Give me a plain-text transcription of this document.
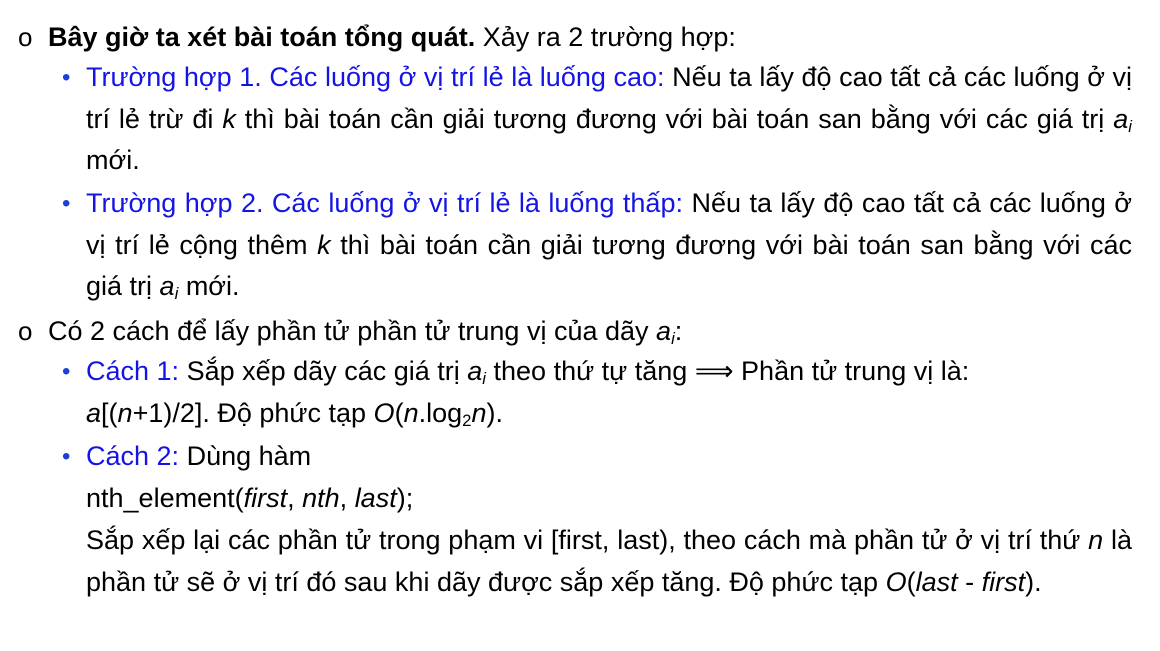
o Bây giờ ta xét bài toán tổng quát. Xảy ra 2 trường hợp:
• Trường hợp 1. Các luống ở vị trí lẻ là luống cao: Nếu ta lấy độ cao tất cả các luống ở vị trí lẻ trừ đi k thì bài toán cần giải tương đương với bài toán san bằng với các giá trị $a_i$ mới.
• Trường hợp 2. Các luống ở vị trí lẻ là luống thấp: Nếu ta lấy độ cao tất cả các luống ở vị trí lẻ cộng thêm k thì bài toán cần giải tương đương với bài toán san bằng với các giá trị $a_i$ mới.
o Có 2 cách để lấy phần tử phần tử trung vị của dãy $a_i$:
• Cách 1: Sắp xếp dãy các giá trị $a_i$ theo thứ tự tăng ⟹ Phần tử trung vị là:
a[(n+1)/2]. Độ phức tạp $O(n.\log_2n)$.
• Cách 2: Dùng hàm
nth_element(first, nth, last);
Sắp xếp lại các phần tử trong phạm vi [first, last), theo cách mà phần tử ở vị trí thứ n là phần tử sẽ ở vị trí đó sau khi dãy được sắp xếp tăng. Độ phức tạp O(last - first).
